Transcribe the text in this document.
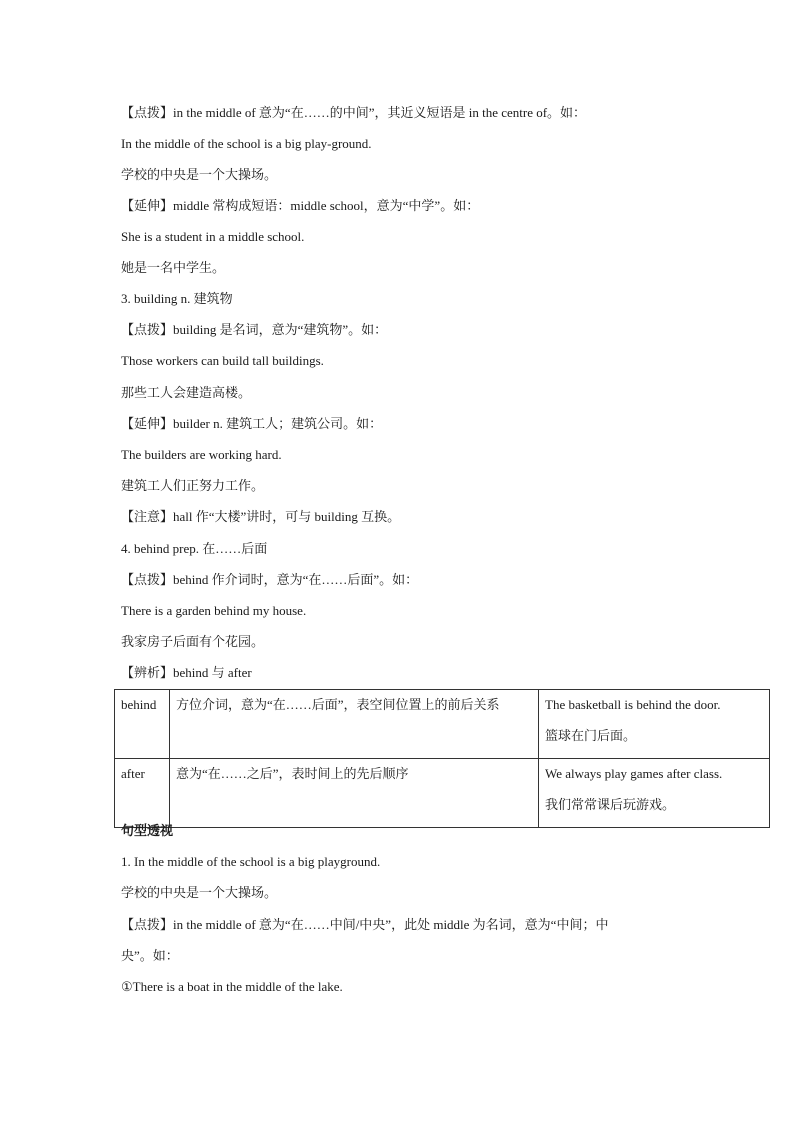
【点拨】in the middle of 意为“在……的中间”，其近义短语是 in the centre of。如：
In the middle of the school is a big play-ground.
学校的中央是一个大操场。
【延伸】middle 常构成短语：middle school，意为“中学”。如：
She is a student in a middle school.
她是一名中学生。
3. building n. 建筑物
【点拨】building 是名词，意为“建筑物”。如：
Those workers can build tall buildings.
那些工人会建造高楼。
【延伸】builder n. 建筑工人；建筑公司。如：
The builders are working hard.
建筑工人们正努力工作。
【注意】hall 作“大楼”讲时，可与 building 互换。
4. behind prep. 在……后面
【点拨】behind 作介词时，意为“在……后面”。如：
There is a garden behind my house.
我家房子后面有个花园。
【辨析】behind 与 after
behind	方位介词，意为“在……后面”，表空间位置上的前后关系	The basketball is behind the door.
篮球在门后面。

after	意为“在……之后”，表时间上的先后顺序	We always play games after class.
我们常常课后玩游戏。
句型透视
1. In the middle of the school is a big playground.
学校的中央是一个大操场。
【点拨】in the middle of 意为“在……中间/中央”，此处 middle 为名词，意为“中间；中
央”。如：
①There is a boat in the middle of the lake.
